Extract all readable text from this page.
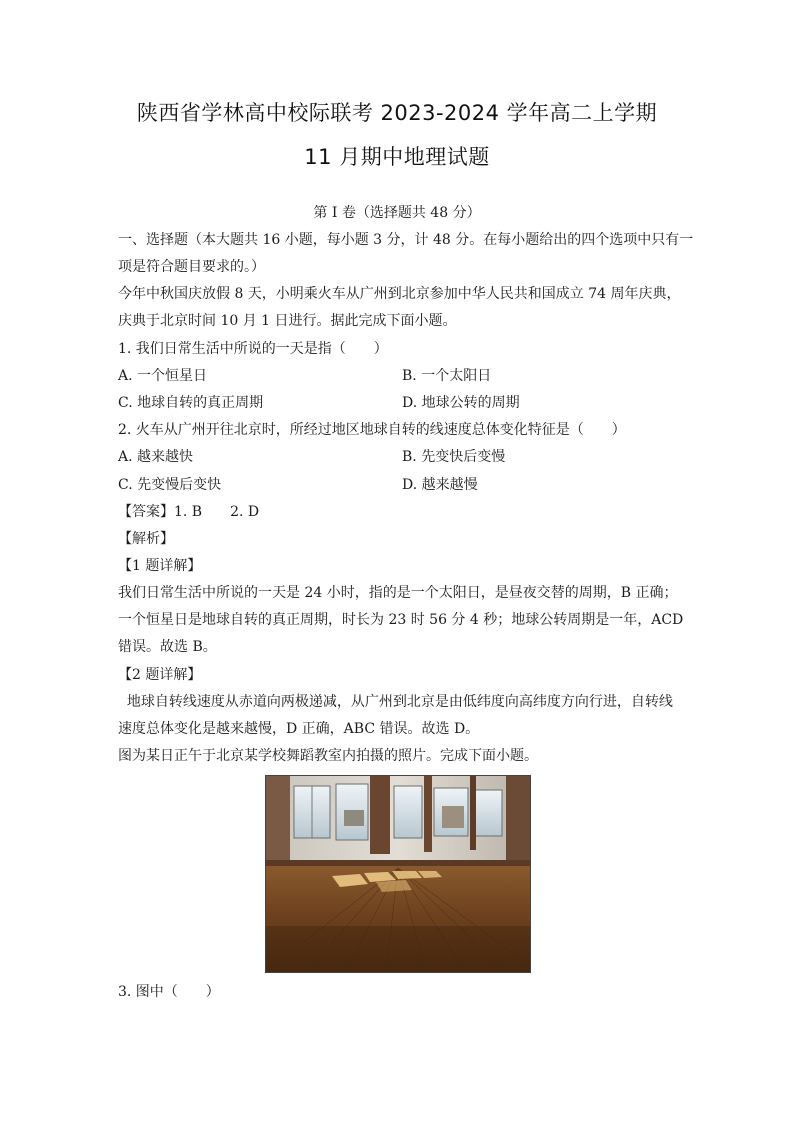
陕西省学林高中校际联考 2023-2024 学年高二上学期
11 月期中地理试题
第 I 卷（选择题共 48 分）
一、选择题（本大题共 16 小题，每小题 3 分，计 48 分。在每小题给出的四个选项中只有一
项是符合题目要求的。）
今年中秋国庆放假 8 天，小明乘火车从广州到北京参加中华人民共和国成立 74 周年庆典，
庆典于北京时间 10 月 1 日进行。据此完成下面小题。
1. 我们日常生活中所说的一天是指（　　）
A. 一个恒星日	B. 一个太阳日
C. 地球自转的真正周期	D. 地球公转的周期
2. 火车从广州开往北京时，所经过地区地球自转的线速度总体变化特征是（　　）
A. 越来越快	B. 先变快后变慢
C. 先变慢后变快	D. 越来越慢
【答案】1. B　　2. D
【解析】
【1 题详解】
我们日常生活中所说的一天是 24 小时，指的是一个太阳日，是昼夜交替的周期，B 正确；
一个恒星日是地球自转的真正周期，时长为 23 时 56 分 4 秒；地球公转周期是一年，ACD
错误。故选 B。
【2 题详解】
地球自转线速度从赤道向两极递减，从广州到北京是由低纬度向高纬度方向行进，自转线
速度总体变化是越来越慢，D 正确，ABC 错误。故选 D。
图为某日正午于北京某学校舞蹈教室内拍摄的照片。完成下面小题。
3. 图中（　　）
